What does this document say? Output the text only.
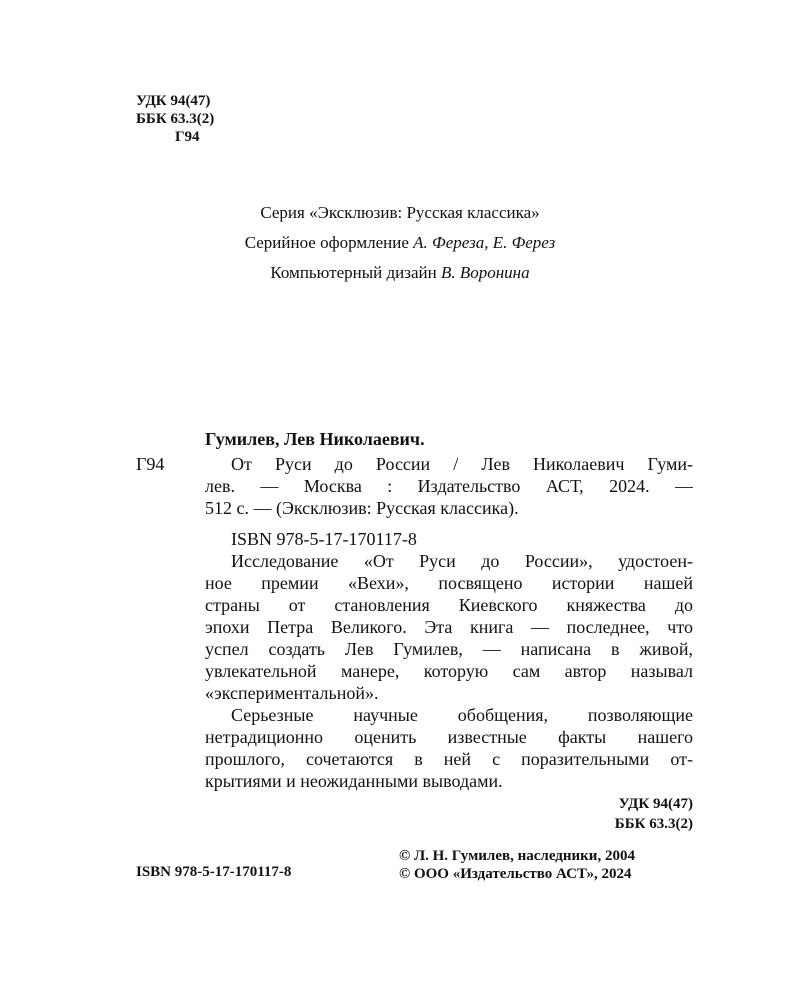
УДК 94(47)
ББК 63.3(2)
Г94
Серия «Эксклюзив: Русская классика»
Серийное оформление А. Фереза, Е. Ферез
Компьютерный дизайн В. Воронина
Гумилев, Лев Николаевич.
Г94	От Руси до России / Лев Николаевич Гуми-
лев. — Москва : Издательство АСТ, 2024. —
512 с. — (Эксклюзив: Русская классика).
ISBN 978-5-17-170117-8
Исследование «От Руси до России», удостоен-
ное премии «Вехи», посвящено истории нашей
страны от становления Киевского княжества до
эпохи Петра Великого. Эта книга — последнее, что
успел создать Лев Гумилев, — написана в живой,
увлекательной манере, которую сам автор называл
«экспериментальной».
Серьезные научные обобщения, позволяющие
нетрадиционно оценить известные факты нашего
прошлого, сочетаются в ней с поразительными от-
крытиями и неожиданными выводами.
УДК 94(47)
ББК 63.3(2)
ISBN 978-5-17-170117-8
© Л. Н. Гумилев, наследники, 2004
© ООО «Издательство АСТ», 2024
